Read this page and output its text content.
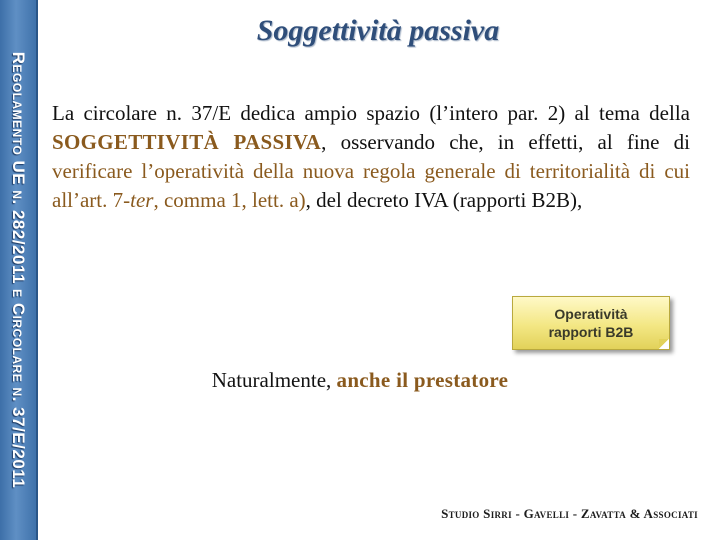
Regolamento UE n. 282/2011 e Circolare n. 37/E/2011
Soggettività passiva
La circolare n. 37/E dedica ampio spazio (l’intero par. 2) al tema della SOGGETTIVITÀ PASSIVA, osservando che, in effetti, al fine di verificare l’operatività della nuova regola generale di territorialità di cui all’art. 7-ter, comma 1, lett. a), del decreto IVA (rapporti B2B),
Operatività
rapporti B2B
Naturalmente, anche il prestatore
Studio Sirri - Gavelli - Zavatta & Associati
